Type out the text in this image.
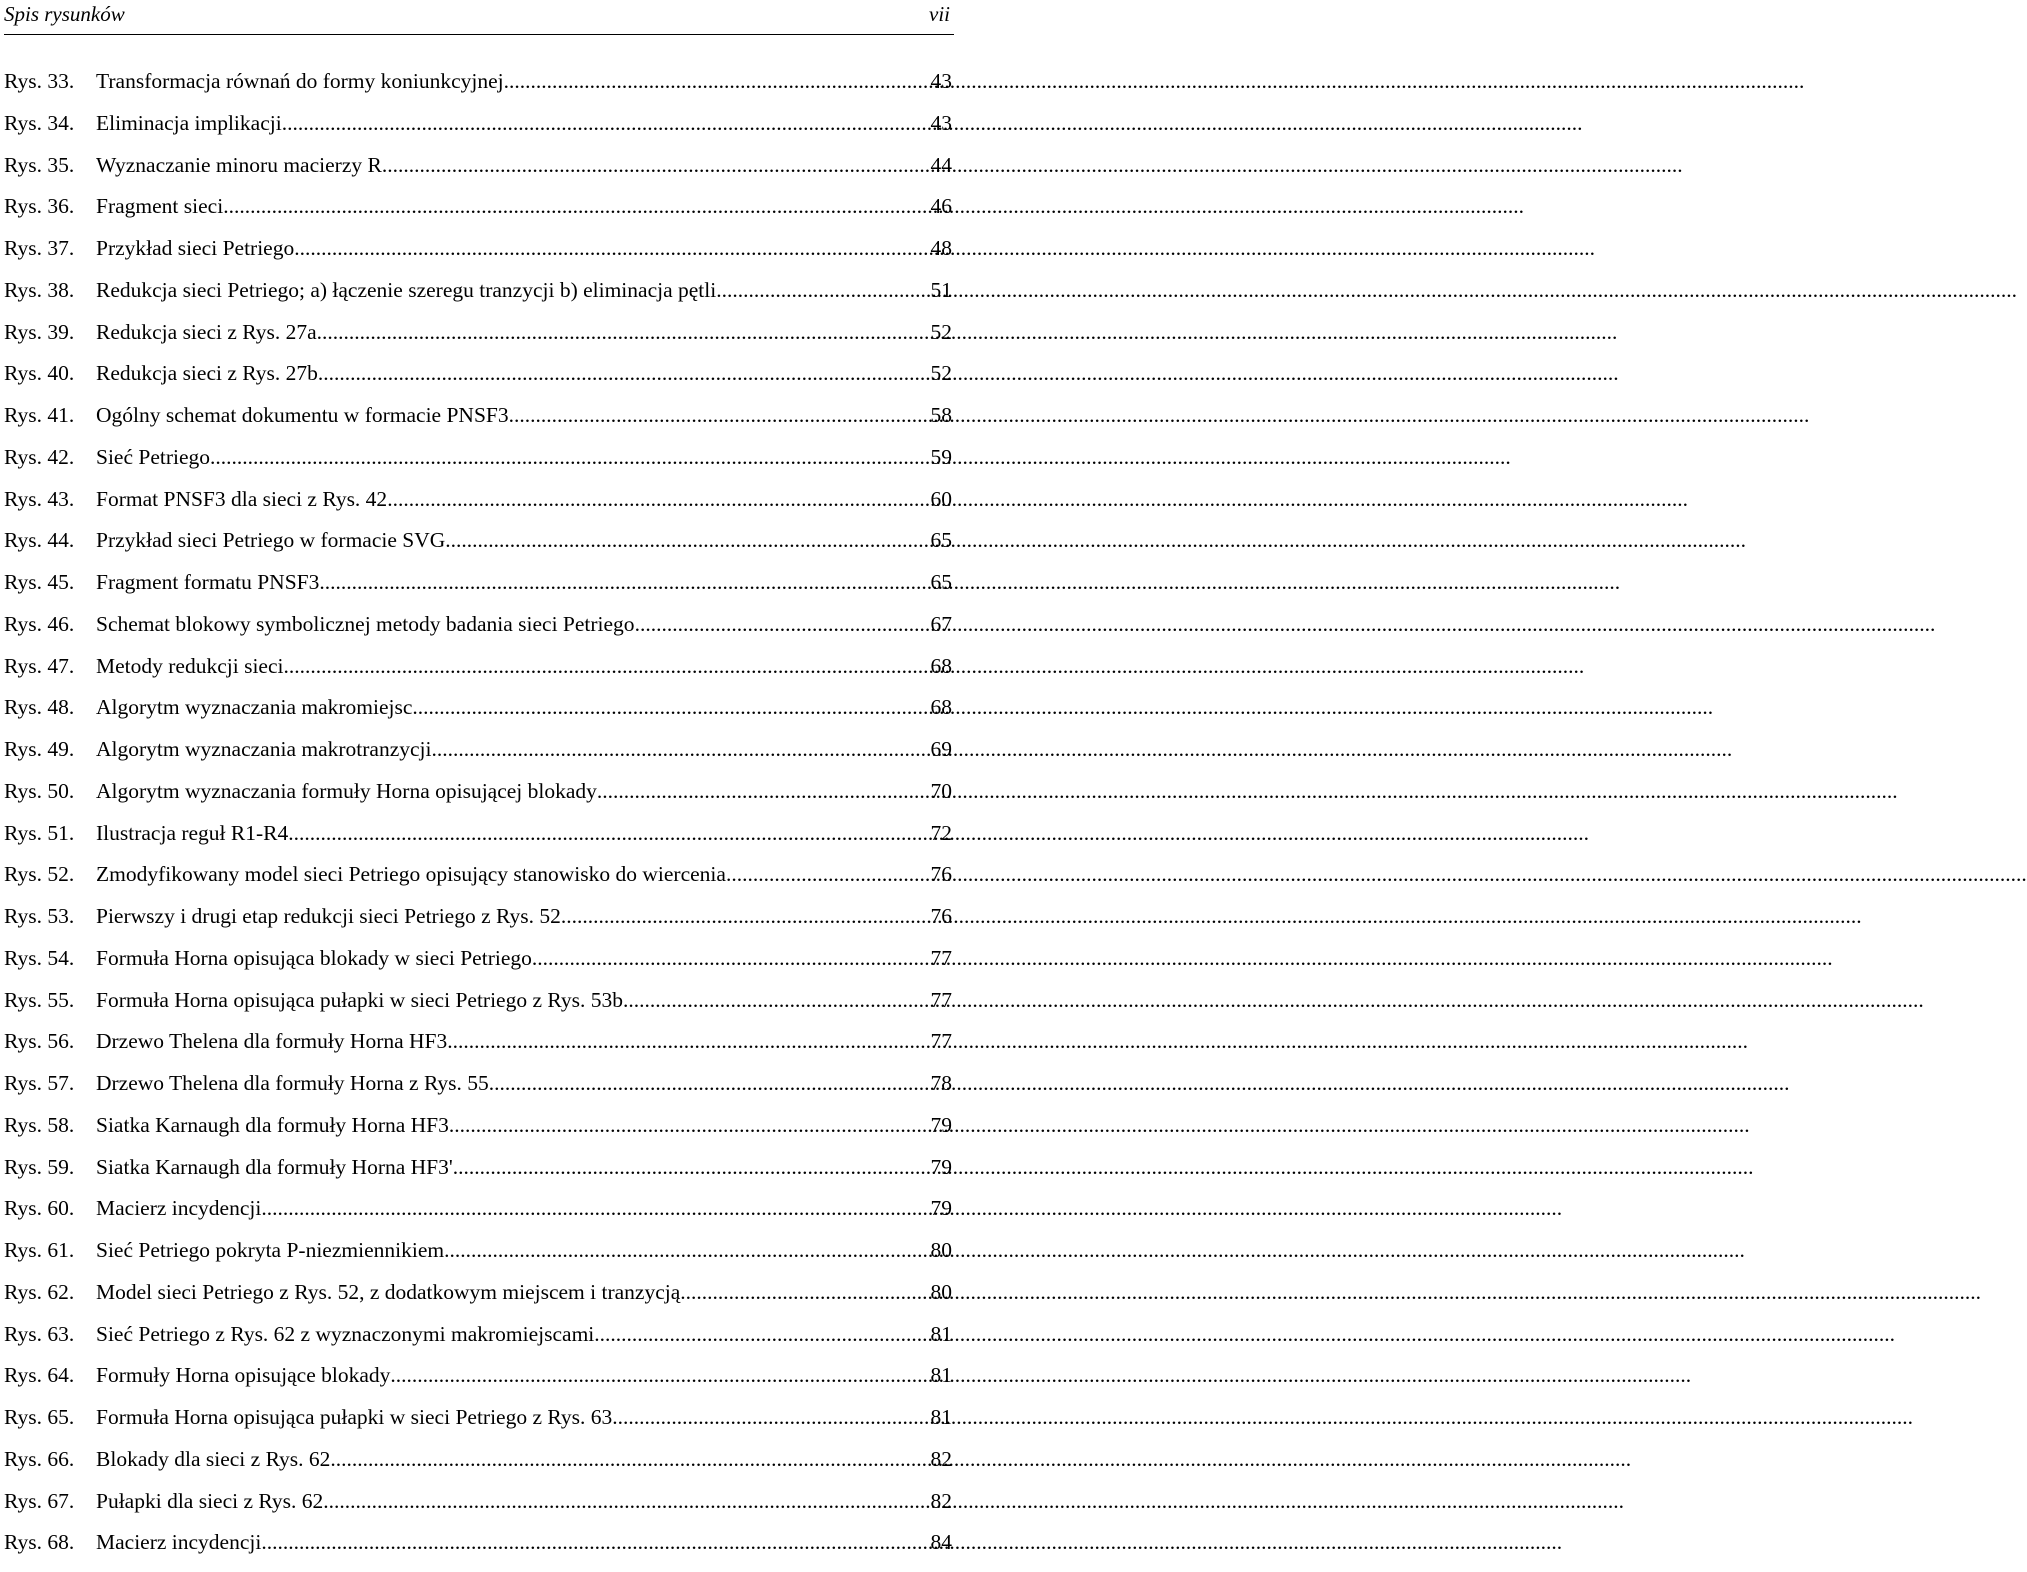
Spis rysunków	vii
Rys. 33.	Transformacja równań do formy koniunkcyjnej .....	43
Rys. 34.	Eliminacja implikacji .....	43
Rys. 35.	Wyznaczanie minoru macierzy R .....	44
Rys. 36.	Fragment sieci .....	46
Rys. 37.	Przykład sieci Petriego .....	48
Rys. 38.	Redukcja sieci Petriego; a) łączenie szeregu tranzycji b) eliminacja pętli .....	51
Rys. 39.	Redukcja sieci z Rys. 27a .....	52
Rys. 40.	Redukcja sieci z Rys. 27b .....	52
Rys. 41.	Ogólny schemat dokumentu w formacie PNSF3 .....	58
Rys. 42.	Sieć Petriego .....	59
Rys. 43.	Format PNSF3 dla sieci z Rys. 42 .....	60
Rys. 44.	Przykład sieci Petriego w formacie SVG .....	65
Rys. 45.	Fragment formatu PNSF3 .....	65
Rys. 46.	Schemat blokowy symbolicznej metody badania sieci Petriego .....	67
Rys. 47.	Metody redukcji sieci .....	68
Rys. 48.	Algorytm wyznaczania makromiejsc .....	68
Rys. 49.	Algorytm wyznaczania makrotranzycji .....	69
Rys. 50.	Algorytm wyznaczania formuły Horna opisującej blokady .....	70
Rys. 51.	Ilustracja reguł R1-R4 .....	72
Rys. 52.	Zmodyfikowany model sieci Petriego opisujący stanowisko do wiercenia .....	76
Rys. 53.	Pierwszy i drugi etap redukcji sieci Petriego z Rys. 52 .....	76
Rys. 54.	Formuła Horna opisująca blokady w sieci Petriego .....	77
Rys. 55.	Formuła Horna opisująca pułapki w sieci Petriego z Rys. 53b .....	77
Rys. 56.	Drzewo Thelena dla formuły Horna HF3 .....	77
Rys. 57.	Drzewo Thelena dla formuły Horna z Rys. 55 .....	78
Rys. 58.	Siatka Karnaugh dla formuły Horna HF3 .....	79
Rys. 59.	Siatka Karnaugh dla formuły Horna HF3' .....	79
Rys. 60.	Macierz incydencji .....	79
Rys. 61.	Sieć Petriego pokryta P-niezmiennikiem .....	80
Rys. 62.	Model sieci Petriego z Rys. 52, z dodatkowym miejscem i tranzycją .....	80
Rys. 63.	Sieć Petriego z Rys. 62 z wyznaczonymi makromiejscami .....	81
Rys. 64.	Formuły Horna opisujące blokady .....	81
Rys. 65.	Formuła Horna opisująca pułapki w sieci Petriego z Rys. 63 .....	81
Rys. 66.	Blokady dla sieci z Rys. 62 .....	82
Rys. 67.	Pułapki dla sieci z Rys. 62 .....	82
Rys. 68.	Macierz incydencji .....	84
